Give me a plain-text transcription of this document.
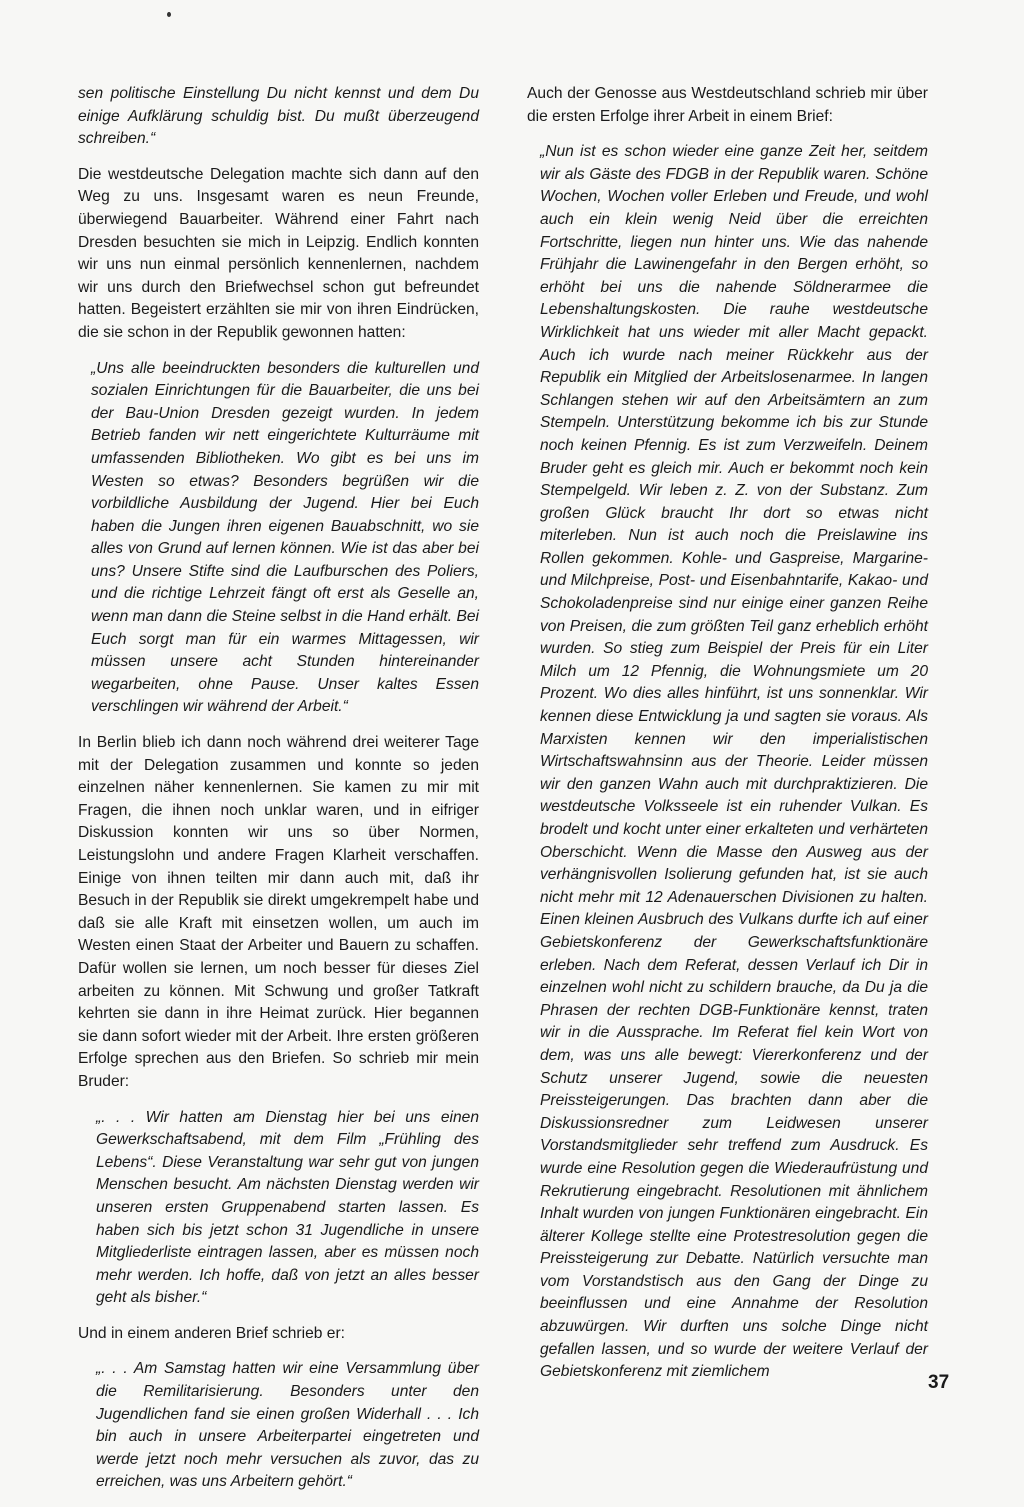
sen politische Einstellung Du nicht kennst und dem Du einige Aufklärung schuldig bist. Du mußt überzeugend schreiben.“

Die westdeutsche Delegation machte sich dann auf den Weg zu uns. Insgesamt waren es neun Freunde, überwiegend Bauarbeiter. Während einer Fahrt nach Dresden besuchten sie mich in Leipzig. Endlich konnten wir uns nun einmal persönlich kennenlernen, nachdem wir uns durch den Briefwechsel schon gut befreundet hatten. Begeistert erzählten sie mir von ihren Eindrücken, die sie schon in der Republik gewonnen hatten:

„Uns alle beeindruckten besonders die kulturellen und sozialen Einrichtungen für die Bauarbeiter, die uns bei der Bau-Union Dresden gezeigt wurden. In jedem Betrieb fanden wir nett eingerichtete Kulturräume mit umfassenden Bibliotheken. Wo gibt es bei uns im Westen so etwas? Besonders begrüßen wir die vorbildliche Ausbildung der Jugend. Hier bei Euch haben die Jungen ihren eigenen Bauabschnitt, wo sie alles von Grund auf lernen können. Wie ist das aber bei uns? Unsere Stifte sind die Laufburschen des Poliers, und die richtige Lehrzeit fängt oft erst als Geselle an, wenn man dann die Steine selbst in die Hand erhält. Bei Euch sorgt man für ein warmes Mittagessen, wir müssen unsere acht Stunden hintereinander wegarbeiten, ohne Pause. Unser kaltes Essen verschlingen wir während der Arbeit.“

In Berlin blieb ich dann noch während drei weiterer Tage mit der Delegation zusammen und konnte so jeden einzelnen näher kennenlernen. Sie kamen zu mir mit Fragen, die ihnen noch unklar waren, und in eifriger Diskussion konnten wir uns so über Normen, Leistungslohn und andere Fragen Klarheit verschaffen. Einige von ihnen teilten mir dann auch mit, daß ihr Besuch in der Republik sie direkt umgekrempelt habe und daß sie alle Kraft mit einsetzen wollen, um auch im Westen einen Staat der Arbeiter und Bauern zu schaffen. Dafür wollen sie lernen, um noch besser für dieses Ziel arbeiten zu können. Mit Schwung und großer Tatkraft kehrten sie dann in ihre Heimat zurück. Hier begannen sie dann sofort wieder mit der Arbeit. Ihre ersten größeren Erfolge sprechen aus den Briefen. So schrieb mir mein Bruder:

„. . . Wir hatten am Dienstag hier bei uns einen Gewerkschaftsabend, mit dem Film „Frühling des Lebens“. Diese Veranstaltung war sehr gut von jungen Menschen besucht. Am nächsten Dienstag werden wir unseren ersten Gruppenabend starten lassen. Es haben sich bis jetzt schon 31 Jugendliche in unsere Mitgliederliste eintragen lassen, aber es müssen noch mehr werden. Ich hoffe, daß von jetzt an alles besser geht als bisher.“

Und in einem anderen Brief schrieb er:

„. . . Am Samstag hatten wir eine Versammlung über die Remilitarisierung. Besonders unter den Jugendlichen fand sie einen großen Widerhall . . . Ich bin auch in unsere Arbeiterpartei eingetreten und werde jetzt noch mehr versuchen als zuvor, das zu erreichen, was uns Arbeitern gehört.“

Auch der Genosse aus Westdeutschland schrieb mir über die ersten Erfolge ihrer Arbeit in einem Brief:

„Nun ist es schon wieder eine ganze Zeit her, seitdem wir als Gäste des FDGB in der Republik waren. Schöne Wochen, Wochen voller Erleben und Freude, und wohl auch ein klein wenig Neid über die erreichten Fortschritte, liegen nun hinter uns. Wie das nahende Frühjahr die Lawinengefahr in den Bergen erhöht, so erhöht bei uns die nahende Söldnerarmee die Lebenshaltungskosten. Die rauhe westdeutsche Wirklichkeit hat uns wieder mit aller Macht gepackt. Auch ich wurde nach meiner Rückkehr aus der Republik ein Mitglied der Arbeitslosenarmee. In langen Schlangen stehen wir auf den Arbeitsämtern an zum Stempeln. Unterstützung bekomme ich bis zur Stunde noch keinen Pfennig. Es ist zum Verzweifeln. Deinem Bruder geht es gleich mir. Auch er bekommt noch kein Stempelgeld. Wir leben z. Z. von der Substanz. Zum großen Glück braucht Ihr dort so etwas nicht miterleben. Nun ist auch noch die Preislawine ins Rollen gekommen. Kohle- und Gaspreise, Margarine- und Milchpreise, Post- und Eisenbahntarife, Kakao- und Schokoladenpreise sind nur einige einer ganzen Reihe von Preisen, die zum größten Teil ganz erheblich erhöht wurden. So stieg zum Beispiel der Preis für ein Liter Milch um 12 Pfennig, die Wohnungsmiete um 20 Prozent. Wo dies alles hinführt, ist uns sonnenklar. Wir kennen diese Entwicklung ja und sagten sie voraus. Als Marxisten kennen wir den imperialistischen Wirtschaftswahnsinn aus der Theorie. Leider müssen wir den ganzen Wahn auch mit durchpraktizieren. Die westdeutsche Volksseele ist ein ruhender Vulkan. Es brodelt und kocht unter einer erkalteten und verhärteten Oberschicht. Wenn die Masse den Ausweg aus der verhängnisvollen Isolierung gefunden hat, ist sie auch nicht mehr mit 12 Adenauerschen Divisionen zu halten. Einen kleinen Ausbruch des Vulkans durfte ich auf einer Gebietskonferenz der Gewerkschaftsfunktionäre erleben. Nach dem Referat, dessen Verlauf ich Dir in einzelnen wohl nicht zu schildern brauche, da Du ja die Phrasen der rechten DGB-Funktionäre kennst, traten wir in die Aussprache. Im Referat fiel kein Wort von dem, was uns alle bewegt: Viererkonferenz und der Schutz unserer Jugend, sowie die neuesten Preissteigerungen. Das brachten dann aber die Diskussionsredner zum Leidwesen unserer Vorstandsmitglieder sehr treffend zum Ausdruck. Es wurde eine Resolution gegen die Wiederaufrüstung und Rekrutierung eingebracht. Resolutionen mit ähnlichem Inhalt wurden von jungen Funktionären eingebracht. Ein älterer Kollege stellte eine Protestresolution gegen die Preissteigerung zur Debatte. Natürlich versuchte man vom Vorstandstisch aus den Gang der Dinge zu beeinflussen und eine Annahme der Resolution abzuwürgen. Wir durften uns solche Dinge nicht gefallen lassen, und so wurde der weitere Verlauf der Gebietskonferenz mit ziemlichem

37
